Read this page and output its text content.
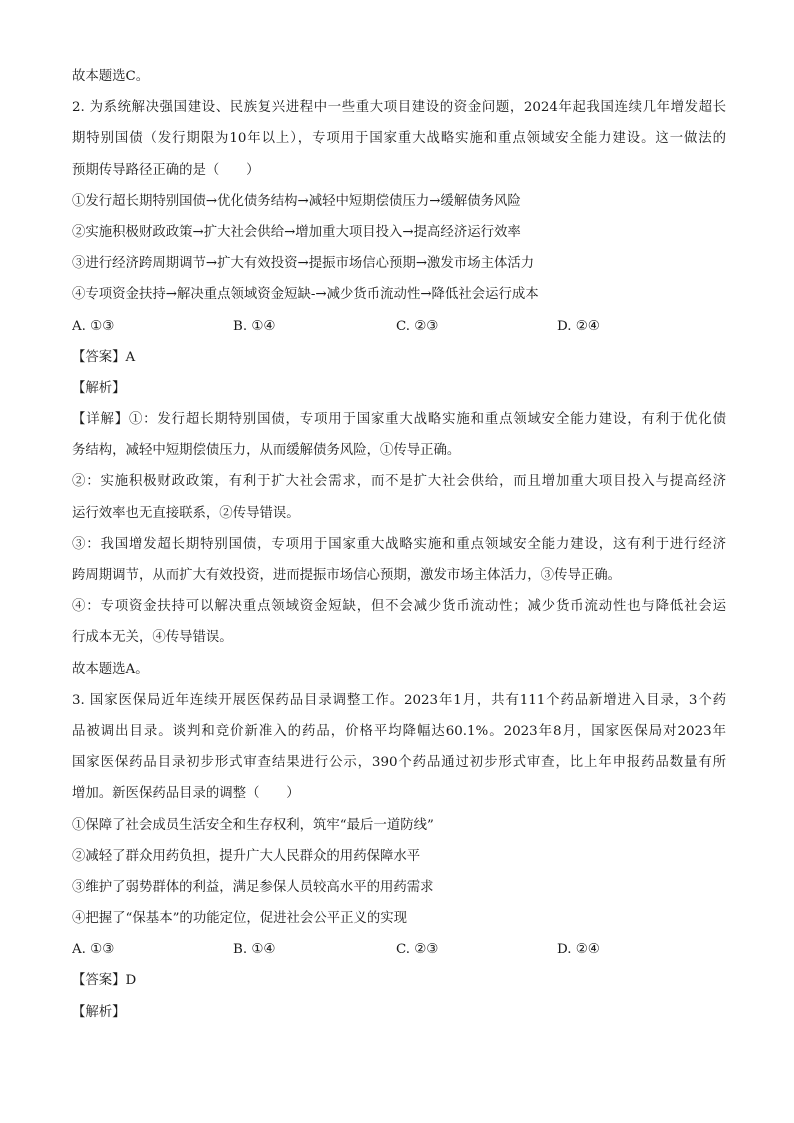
故本题选C。
2. 为系统解决强国建设、民族复兴进程中一些重大项目建设的资金问题，2024年起我国连续几年增发超长
期特别国债（发行期限为10年以上），专项用于国家重大战略实施和重点领域安全能力建设。这一做法的
预期传导路径正确的是（　　）
①发行超长期特别国债→优化债务结构→减轻中短期偿债压力→缓解债务风险
②实施积极财政政策→扩大社会供给→增加重大项目投入→提高经济运行效率
③进行经济跨周期调节→扩大有效投资→提振市场信心预期→激发市场主体活力
④专项资金扶持→解决重点领域资金短缺-→减少货币流动性→降低社会运行成本
A. ①③	B. ①④	C. ②③	D. ②④
【答案】A
【解析】
【详解】①：发行超长期特别国债，专项用于国家重大战略实施和重点领域安全能力建设，有利于优化债
务结构，减轻中短期偿债压力，从而缓解债务风险，①传导正确。
②：实施积极财政政策，有利于扩大社会需求，而不是扩大社会供给，而且增加重大项目投入与提高经济
运行效率也无直接联系，②传导错误。
③：我国增发超长期特别国债，专项用于国家重大战略实施和重点领域安全能力建设，这有利于进行经济
跨周期调节，从而扩大有效投资，进而提振市场信心预期，激发市场主体活力，③传导正确。
④：专项资金扶持可以解决重点领域资金短缺，但不会减少货币流动性；减少货币流动性也与降低社会运
行成本无关，④传导错误。
故本题选A。
3. 国家医保局近年连续开展医保药品目录调整工作。2023年1月，共有111个药品新增进入目录，3个药
品被调出目录。谈判和竞价新准入的药品，价格平均降幅达60.1%。2023年8月，国家医保局对2023年
国家医保药品目录初步形式审查结果进行公示，390个药品通过初步形式审查，比上年申报药品数量有所
增加。新医保药品目录的调整（　　）
①保障了社会成员生活安全和生存权利，筑牢“最后一道防线”
②减轻了群众用药负担，提升广大人民群众的用药保障水平
③维护了弱势群体的利益，满足参保人员较高水平的用药需求
④把握了“保基本”的功能定位，促进社会公平正义的实现
A. ①③	B. ①④	C. ②③	D. ②④
【答案】D
【解析】
